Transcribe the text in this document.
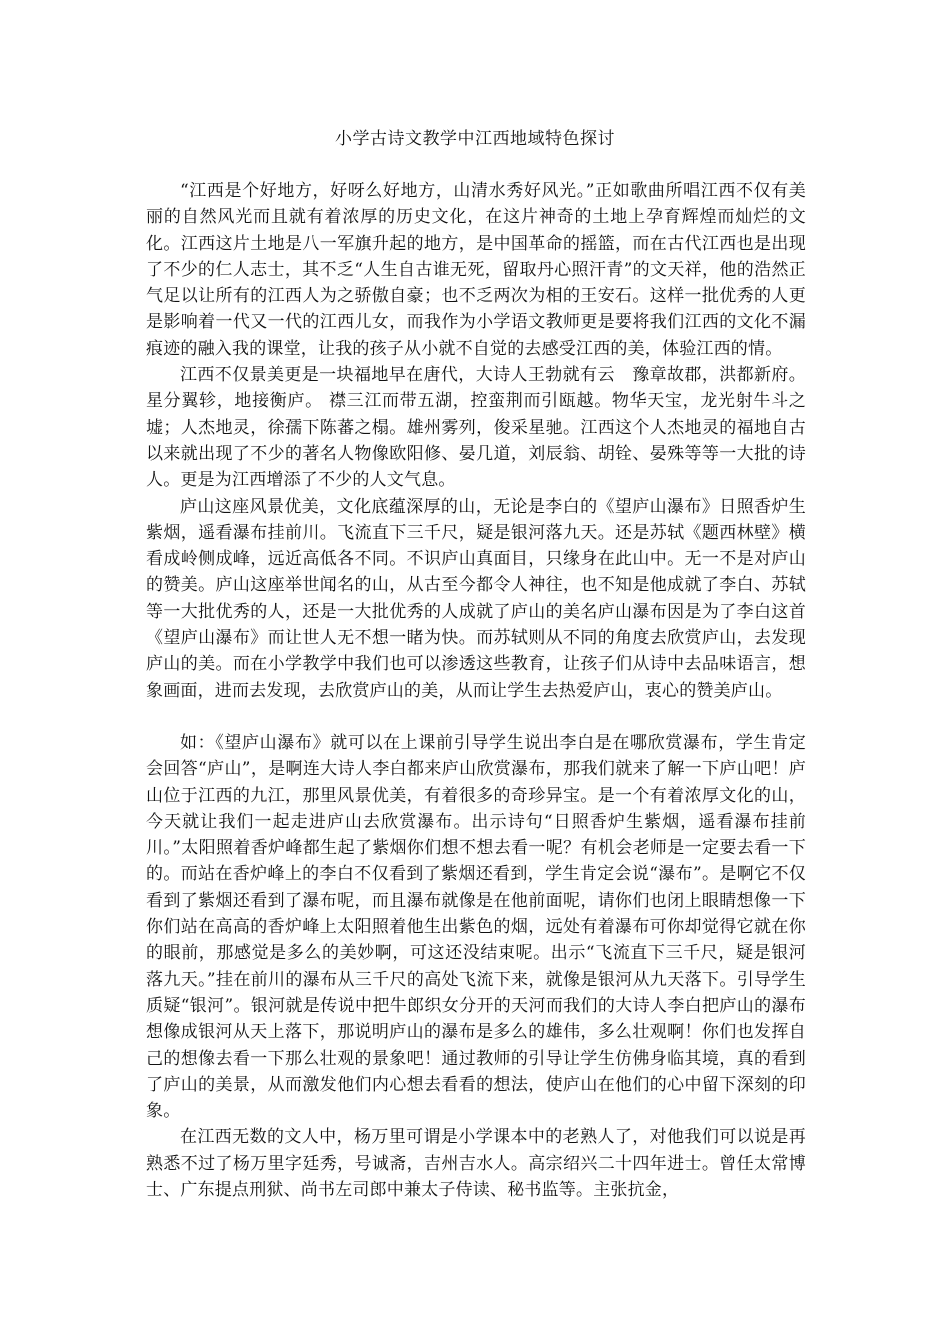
小学古诗文教学中江西地域特色探讨

“江西是个好地方，好呀么好地方，山清水秀好风光。”正如歌曲所唱江西不仅有美丽的自然风光而且就有着浓厚的历史文化，在这片神奇的土地上孕育辉煌而灿烂的文化。江西这片土地是八一军旗升起的地方，是中国革命的摇篮，而在古代江西也是出现了不少的仁人志士，其不乏“人生自古谁无死，留取丹心照汗青”的文天祥，他的浩然正气足以让所有的江西人为之骄傲自豪；也不乏两次为相的王安石。这样一批优秀的人更是影响着一代又一代的江西儿女，而我作为小学语文教师更是要将我们江西的文化不漏痕迹的融入我的课堂，让我的孩子从小就不自觉的去感受江西的美，体验江西的情。

江西不仅景美更是一块福地早在唐代，大诗人王勃就有云　豫章故郡，洪都新府。星分翼轸，地接衡庐。 襟三江而带五湖，控蛮荆而引瓯越。物华天宝，龙光射牛斗之墟；人杰地灵，徐孺下陈蕃之榻。雄州雾列，俊采星驰。江西这个人杰地灵的福地自古以来就出现了不少的著名人物像欧阳修、晏几道，刘辰翁、胡铨、晏殊等等一大批的诗人。更是为江西增添了不少的人文气息。

庐山这座风景优美，文化底蕴深厚的山，无论是李白的《望庐山瀑布》日照香炉生紫烟，遥看瀑布挂前川。飞流直下三千尺，疑是银河落九天。还是苏轼《题西林壁》横看成岭侧成峰，远近高低各不同。不识庐山真面目，只缘身在此山中。无一不是对庐山的赞美。庐山这座举世闻名的山，从古至今都令人神往，也不知是他成就了李白、苏轼等一大批优秀的人，还是一大批优秀的人成就了庐山的美名庐山瀑布因是为了李白这首《望庐山瀑布》而让世人无不想一睹为快。而苏轼则从不同的角度去欣赏庐山，去发现庐山的美。而在小学教学中我们也可以渗透这些教育，让孩子们从诗中去品味语言，想象画面，进而去发现，去欣赏庐山的美，从而让学生去热爱庐山，衷心的赞美庐山。

如：《望庐山瀑布》就可以在上课前引导学生说出李白是在哪欣赏瀑布，学生肯定会回答“庐山”，是啊连大诗人李白都来庐山欣赏瀑布，那我们就来了解一下庐山吧！庐山位于江西的九江，那里风景优美，有着很多的奇珍异宝。是一个有着浓厚文化的山，今天就让我们一起走进庐山去欣赏瀑布。出示诗句“日照香炉生紫烟，遥看瀑布挂前川。”太阳照着香炉峰都生起了紫烟你们想不想去看一呢？有机会老师是一定要去看一下的。而站在香炉峰上的李白不仅看到了紫烟还看到，学生肯定会说“瀑布”。是啊它不仅看到了紫烟还看到了瀑布呢，而且瀑布就像是在他前面呢，请你们也闭上眼睛想像一下你们站在高高的香炉峰上太阳照着他生出紫色的烟，远处有着瀑布可你却觉得它就在你的眼前，那感觉是多么的美妙啊，可这还没结束呢。出示“飞流直下三千尺，疑是银河落九天。”挂在前川的瀑布从三千尺的高处飞流下来，就像是银河从九天落下。引导学生质疑“银河”。银河就是传说中把牛郎织女分开的天河而我们的大诗人李白把庐山的瀑布想像成银河从天上落下，那说明庐山的瀑布是多么的雄伟，多么壮观啊！你们也发挥自己的想像去看一下那么壮观的景象吧！通过教师的引导让学生仿佛身临其境，真的看到了庐山的美景，从而激发他们内心想去看看的想法，使庐山在他们的心中留下深刻的印象。

在江西无数的文人中，杨万里可谓是小学课本中的老熟人了，对他我们可以说是再熟悉不过了杨万里字廷秀，号诚斋，吉州吉水人。高宗绍兴二十四年进士。曾任太常博士、广东提点刑狱、尚书左司郎中兼太子侍读、秘书监等。主张抗金，
